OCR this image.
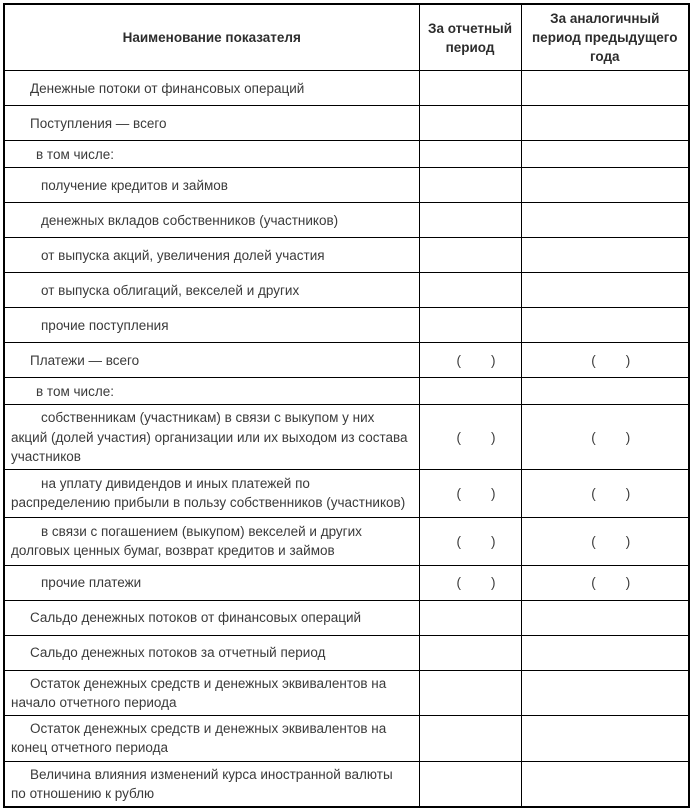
Наименование показателя	За отчетный период	За аналогичный период предыдущего года
Денежные потоки от финансовых операций		
Поступления — всего		
в том числе:		
получение кредитов и займов		
денежных вкладов собственников (участников)		
от выпуска акций, увеличения долей участия		
от выпуска облигаций, векселей и других		
прочие поступления		
Платежи — всего	(        )	(        )
в том числе:		
собственникам (участникам) в связи с выкупом у них акций (долей участия) организации или их выходом из состава участников	(        )	(        )
на уплату дивидендов и иных платежей по распределению прибыли в пользу собственников (участников)	(        )	(        )
в связи с погашением (выкупом) векселей и других долговых ценных бумаг, возврат кредитов и займов	(        )	(        )
прочие платежи	(        )	(        )
Сальдо денежных потоков от финансовых операций		
Сальдо денежных потоков за отчетный период		
Остаток денежных средств и денежных эквивалентов на начало отчетного периода		
Остаток денежных средств и денежных эквивалентов на конец отчетного периода		
Величина влияния изменений курса иностранной валюты по отношению к рублю		
